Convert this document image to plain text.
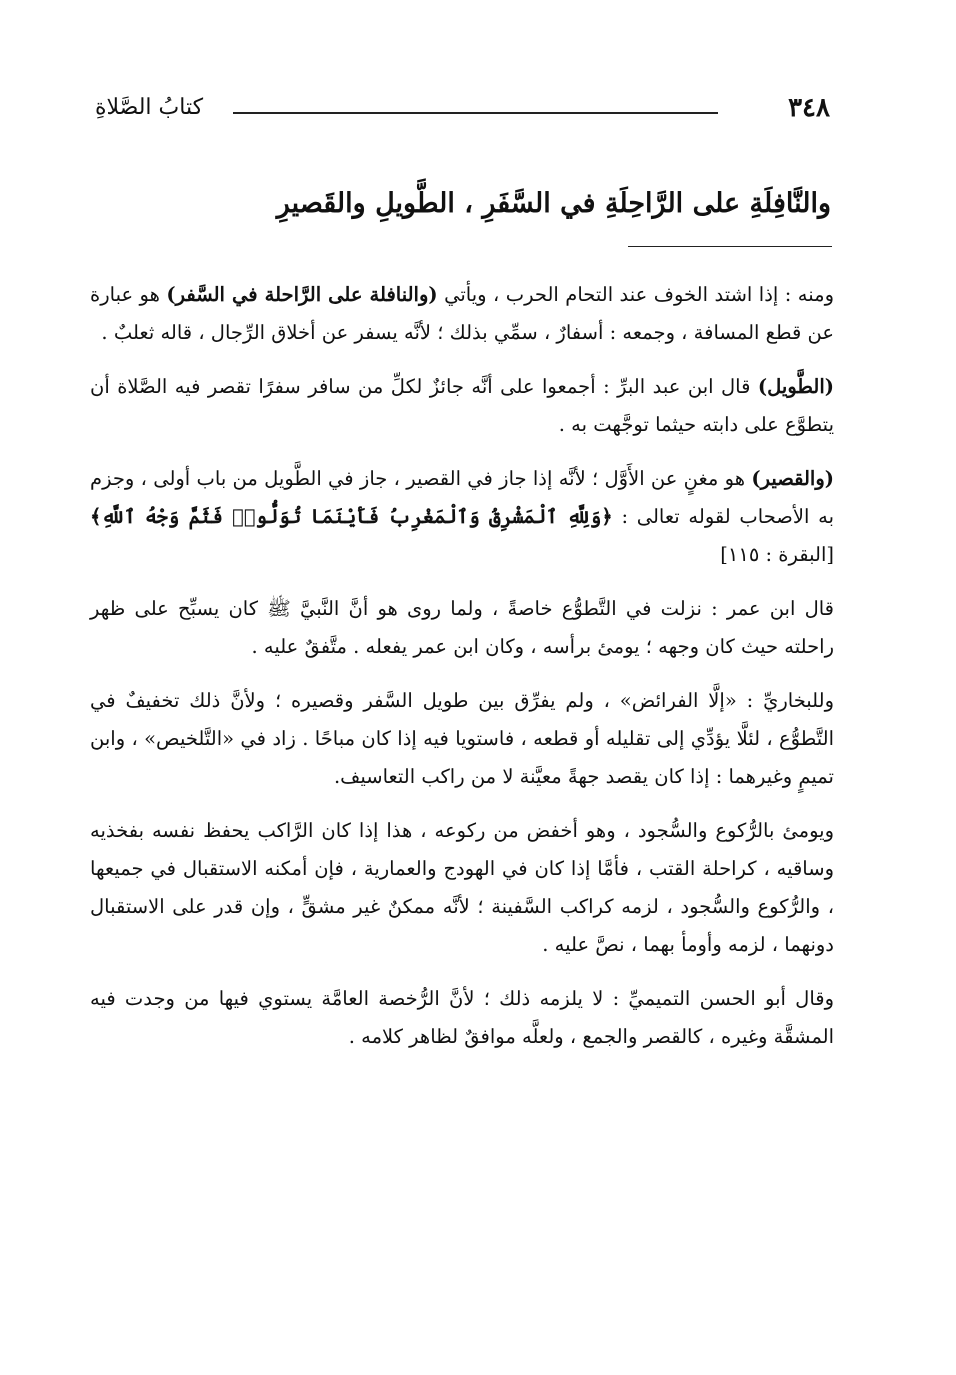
٣٤٨
كتابُ الصَّلاةِ
والنَّافِلَةِ على الرَّاحِلَةِ في السَّفَرِ ، الطَّويلِ والقَصيرِ

ومنه : إذا اشتد الخوف عند التحام الحرب ، ويأتي (والنافلة على الرَّاحلة في السَّفر) هو عبارة عن قطع المسافة ، وجمعه : أسفارٌ ، سمِّي بذلك ؛ لأنَّه يسفر عن أخلاق الرِّجال ، قاله ثعلبٌ .

(الطَّويل) قال ابن عبد البرِّ : أجمعوا على أنَّه جائزٌ لكلِّ من سافر سفرًا تقصر فيه الصَّلاة أن يتطوَّع على دابته حيثما توجَّهت به .

(والقصير) هو مغنٍ عن الأَوَّل ؛ لأنَّه إذا جاز في القصير ، جاز في الطَّويل من باب أولى ، وجزم به الأصحاب لقوله تعالى : ﴿وَلِلَّهِ ٱلْمَشْرِقُ وَٱلْمَغْرِبُ فَأَيْنَمَا تُوَلُّوا۟ فَثَمَّ وَجْهُ ٱللَّهِ﴾ [البقرة : ١١٥]

قال ابن عمر : نزلت في التَّطوُّع خاصةً ، ولما روى هو أنَّ النَّبيَّ ﷺ كان يسبِّح على ظهر راحلته حيث كان وجهه ؛ يومئ برأسه ، وكان ابن عمر يفعله . متَّفقٌ عليه .

وللبخاريِّ : «إلَّا الفرائض» ، ولم يفرِّق بين طويل السَّفر وقصيره ؛ ولأنَّ ذلك تخفيفٌ في التَّطوُّع ، لئلَّا يؤدِّي إلى تقليله أو قطعه ، فاستويا فيه إذا كان مباحًا . زاد في «التَّلخيص» ، وابن تميمٍ وغيرهما : إذا كان يقصد جهةً معيَّنة لا من راكب التعاسيف.

ويومئ بالرُّكوع والسُّجود ، وهو أخفض من ركوعه ، هذا إذا كان الرَّاكب يحفظ نفسه بفخذيه وساقيه ، كراحلة القتب ، فأمَّا إذا كان في الهودج والعمارية ، فإن أمكنه الاستقبال في جميعها ، والرُّكوع والسُّجود ، لزمه كراكب السَّفينة ؛ لأنَّه ممكنٌ غير مشقٍّ ، وإن قدر على الاستقبال دونهما ، لزمه وأومأ بهما ، نصَّ عليه .

وقال أبو الحسن التميميِّ : لا يلزمه ذلك ؛ لأنَّ الرُّخصة العامَّة يستوي فيها من وجدت فيه المشقَّة وغيره ، كالقصر والجمع ، ولعلَّه موافقٌ لظاهر كلامه .
